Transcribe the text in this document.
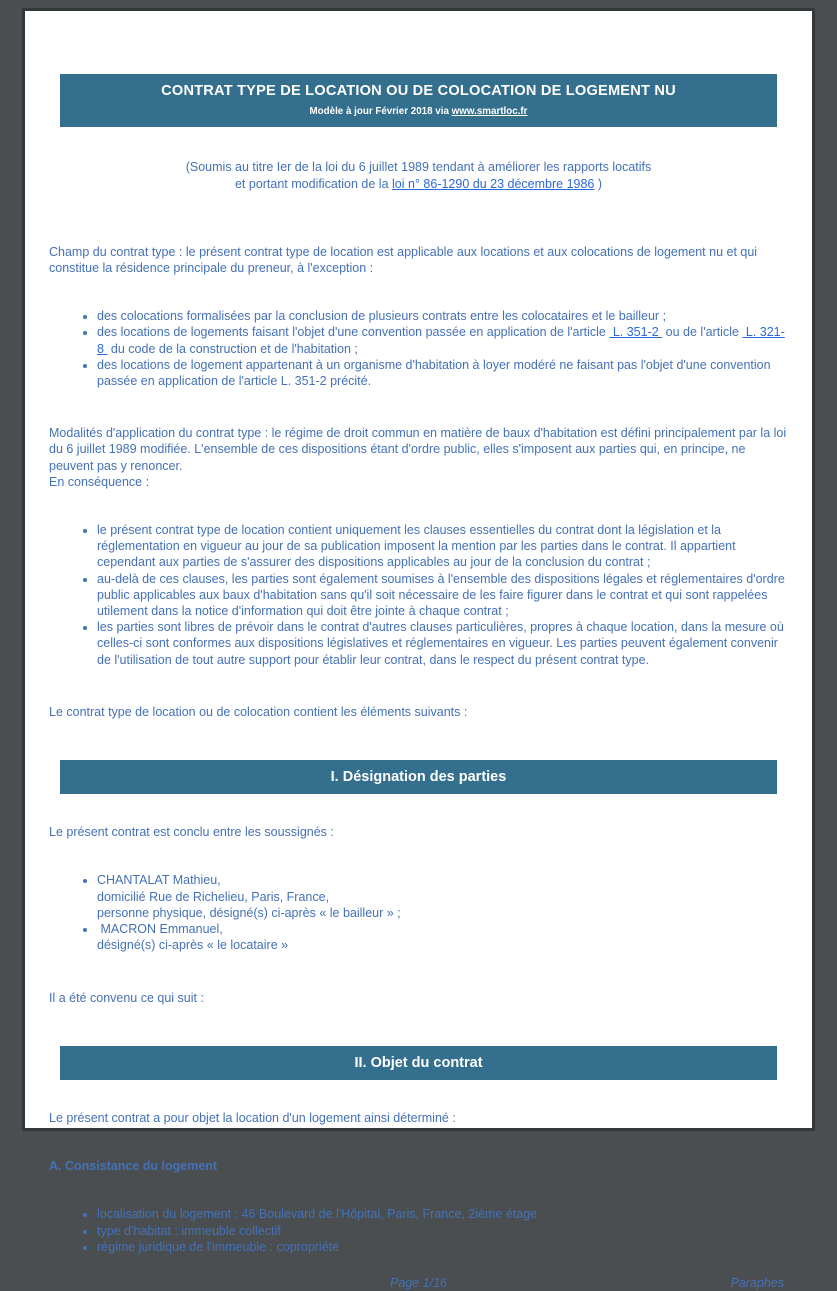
CONTRAT TYPE DE LOCATION OU DE COLOCATION DE LOGEMENT NU
Modèle à jour Février 2018 via www.smartloc.fr
(Soumis au titre Ier de la loi du 6 juillet 1989 tendant à améliorer les rapports locatifs
et portant modification de la loi n° 86-1290 du 23 décembre 1986 )

Champ du contrat type : le présent contrat type de location est applicable aux locations et aux colocations de logement nu et qui constitue la résidence principale du preneur, à l'exception :

• des colocations formalisées par la conclusion de plusieurs contrats entre les colocataires et le bailleur ;
• des locations de logements faisant l'objet d'une convention passée en application de l'article  L. 351-2  ou de l'article  L. 321-8  du code de la construction et de l'habitation ;
• des locations de logement appartenant à un organisme d'habitation à loyer modéré ne faisant pas l'objet d'une convention passée en application de l'article L. 351-2 précité.

Modalités d'application du contrat type : le régime de droit commun en matière de baux d'habitation est défini principalement par la loi du 6 juillet 1989 modifiée. L'ensemble de ces dispositions étant d'ordre public, elles s'imposent aux parties qui, en principe, ne peuvent pas y renoncer.
En conséquence :

• le présent contrat type de location contient uniquement les clauses essentielles du contrat dont la législation et la réglementation en vigueur au jour de sa publication imposent la mention par les parties dans le contrat. Il appartient cependant aux parties de s'assurer des dispositions applicables au jour de la conclusion du contrat ;
• au-delà de ces clauses, les parties sont également soumises à l'ensemble des dispositions légales et réglementaires d'ordre public applicables aux baux d'habitation sans qu'il soit nécessaire de les faire figurer dans le contrat et qui sont rappelées utilement dans la notice d'information qui doit être jointe à chaque contrat ;
• les parties sont libres de prévoir dans le contrat d'autres clauses particulières, propres à chaque location, dans la mesure où celles-ci sont conformes aux dispositions législatives et réglementaires en vigueur. Les parties peuvent également convenir de l'utilisation de tout autre support pour établir leur contrat, dans le respect du présent contrat type.

Le contrat type de location ou de colocation contient les éléments suivants :

I. Désignation des parties

Le présent contrat est conclu entre les soussignés :

• CHANTALAT Mathieu,
domicilié Rue de Richelieu, Paris, France,
personne physique, désigné(s) ci-après « le bailleur » ;
•  MACRON Emmanuel,
désigné(s) ci-après « le locataire »

Il a été convenu ce qui suit :

II. Objet du contrat

Le présent contrat a pour objet la location d'un logement ainsi déterminé :

A. Consistance du logement

• localisation du logement : 46 Boulevard de l'Hôpital, Paris, France, 2ième étage
• type d'habitat : immeuble collectif
• régime juridique de l'immeuble : copropriété
Page 1/16	Paraphes
